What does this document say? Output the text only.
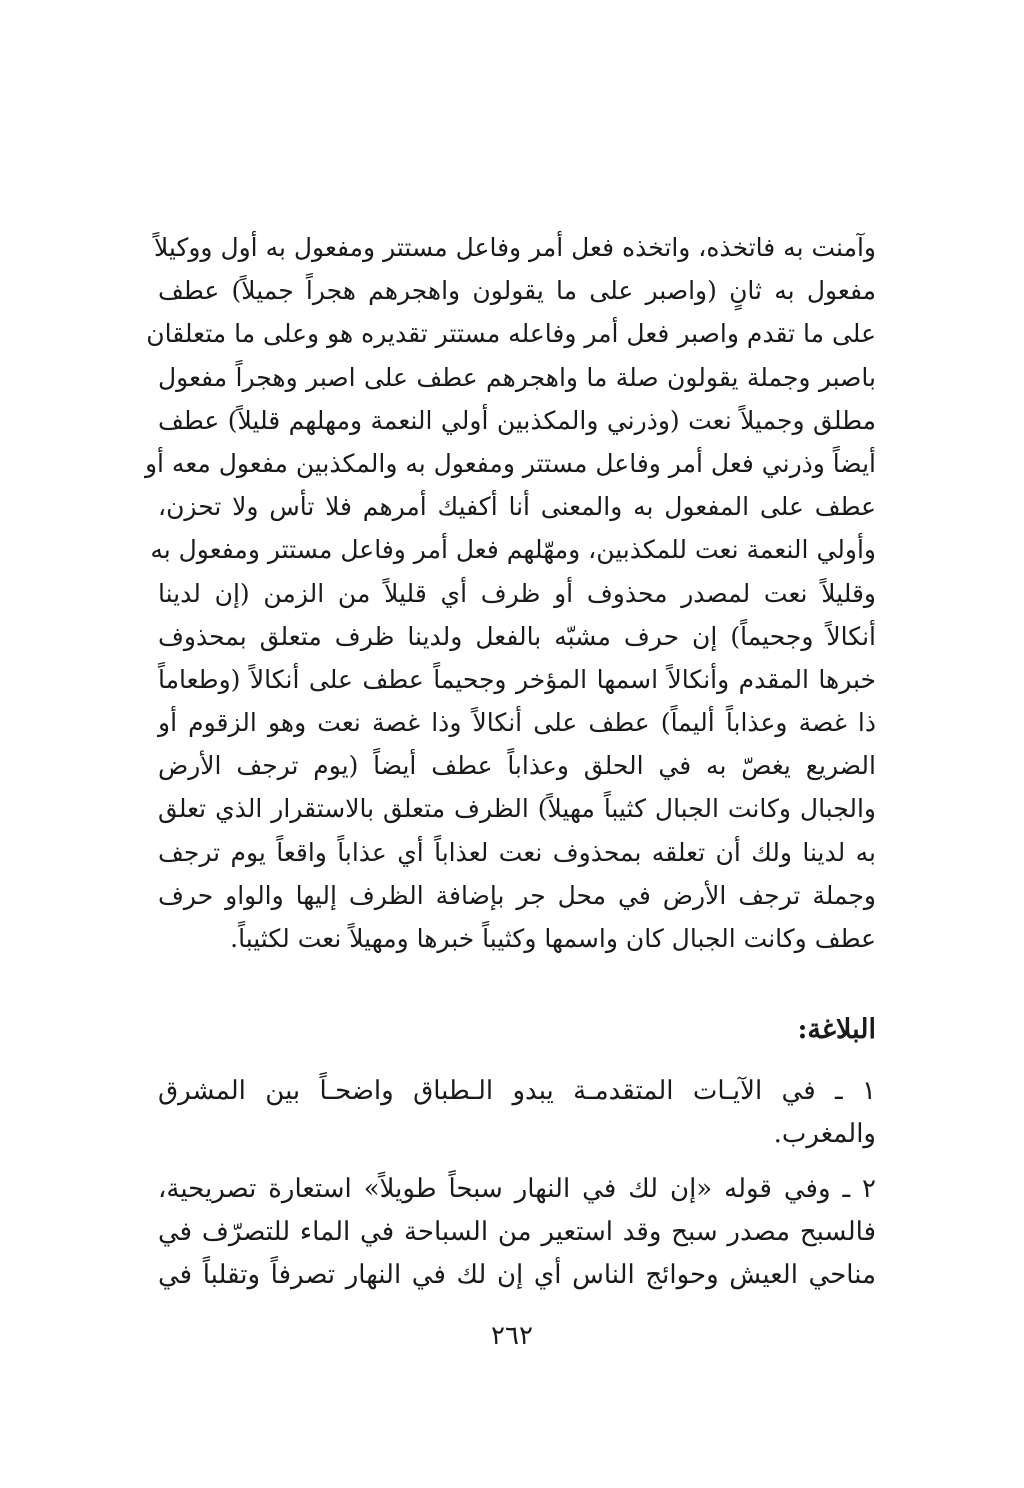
وآمنت به فاتخذه، واتخذه فعل أمر وفاعل مستتر ومفعول به أول ووكيلاً
مفعول به ثانٍ (واصبر على ما يقولون واهجرهم هجراً جميلاً) عطف
على ما تقدم واصبر فعل أمر وفاعله مستتر تقديره هو وعلى ما متعلقان
باصبر وجملة يقولون صلة ما واهجرهم عطف على اصبر وهجراً مفعول
مطلق وجميلاً نعت (وذرني والمكذبين أولي النعمة ومهلهم قليلاً) عطف
أيضاً وذرني فعل أمر وفاعل مستتر ومفعول به والمكذبين مفعول معه أو
عطف على المفعول به والمعنى أنا أكفيك أمرهم فلا تأس ولا تحزن،
وأولي النعمة نعت للمكذبين، ومهّلهم فعل أمر وفاعل مستتر ومفعول به
وقليلاً نعت لمصدر محذوف أو ظرف أي قليلاً من الزمن (إن لدينا
أنكالاً وجحيماً) إن حرف مشبّه بالفعل ولدينا ظرف متعلق بمحذوف
خبرها المقدم وأنكالاً اسمها المؤخر وجحيماً عطف على أنكالاً (وطعاماً
ذا غصة وعذاباً أليماً) عطف على أنكالاً وذا غصة نعت وهو الزقوم أو
الضريع يغصّ به في الحلق وعذاباً عطف أيضاً (يوم ترجف الأرض
والجبال وكانت الجبال كثيباً مهيلاً) الظرف متعلق بالاستقرار الذي تعلق
به لدينا ولك أن تعلقه بمحذوف نعت لعذاباً أي عذاباً واقعاً يوم ترجف
وجملة ترجف الأرض في محل جر بإضافة الظرف إليها والواو حرف
عطف وكانت الجبال كان واسمها وكثيباً خبرها ومهيلاً نعت لكثيباً.
البلاغة:
١ ـ في الآيـات المتقدمـة يبدو الـطباق واضحـاً بين المشرق
والمغرب.
٢ ـ وفي قوله «إن لك في النهار سبحاً طويلاً» استعارة تصريحية،
فالسبح مصدر سبح وقد استعير من السباحة في الماء للتصرّف في
مناحي العيش وحوائج الناس أي إن لك في النهار تصرفاً وتقلباً في
٢٦٢
